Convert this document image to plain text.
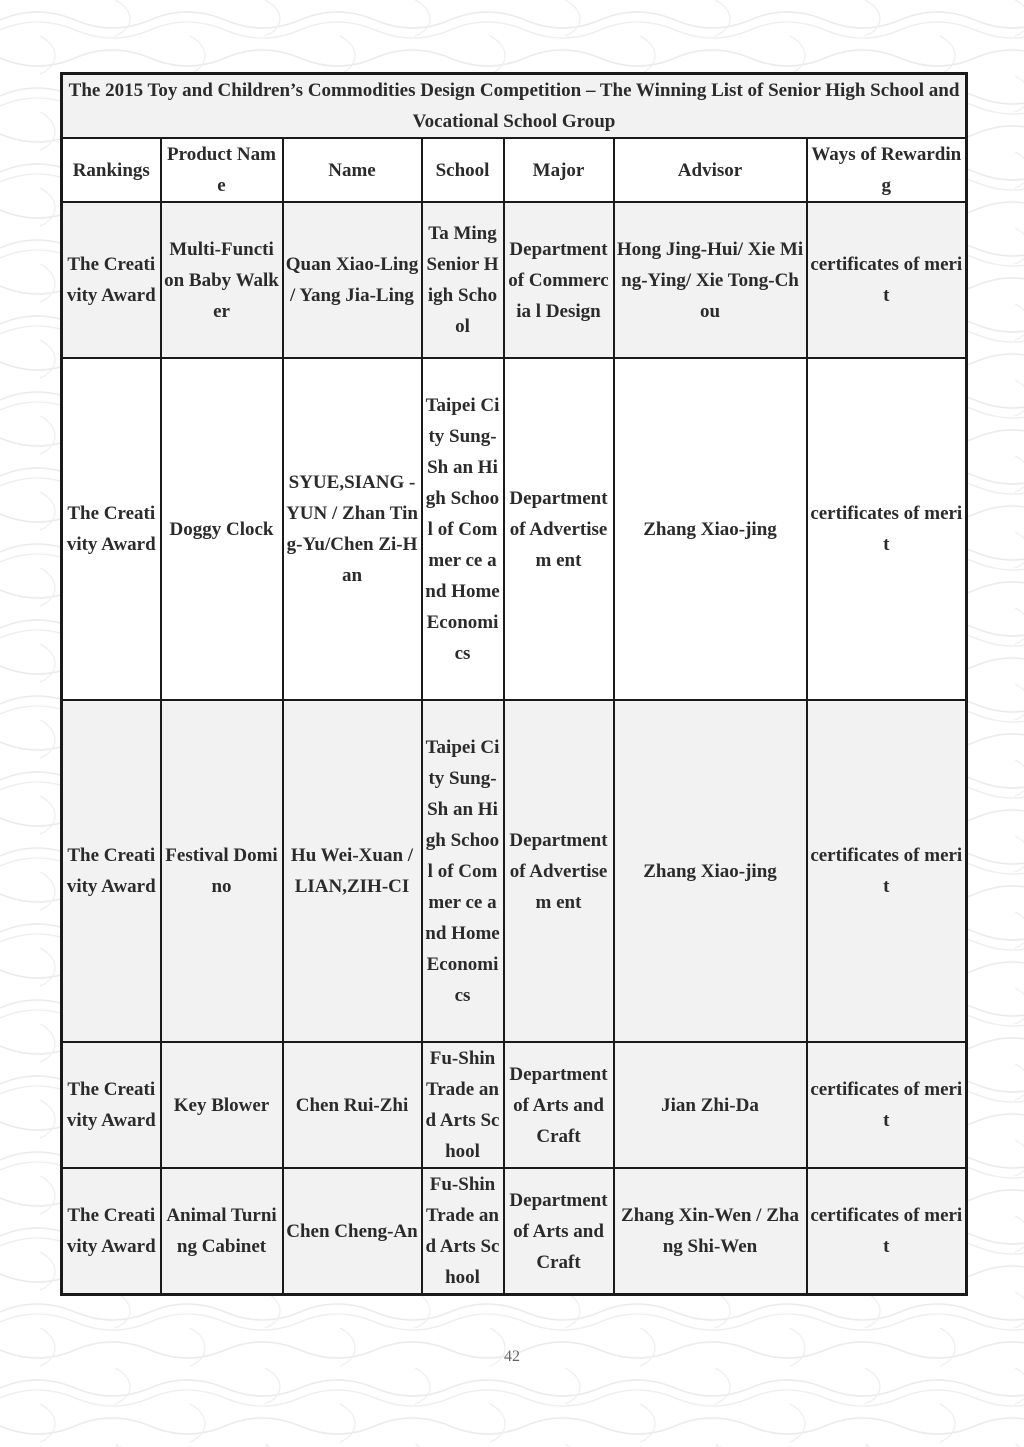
The 2015 Toy and Children’s Commodities Design Competition – The Winning List of Senior High School and Vocational School Group						
Rankings	Product Name	Name	School	Major	Advisor	Ways of Rewarding
The Creativity Award	Multi-Functi on Baby Walker	Quan Xiao-Ling / Yang Jia-Ling	Ta Ming Senior High School	Department of Commercia l Design	Hong Jing-Hui/ Xie Ming-Ying/ Xie Tong-Chou	certificates of merit
The Creativity Award	Doggy Clock	SYUE,SIANG -YUN / Zhan Ting-Yu/Chen Zi-Han	Taipei City Sung-Sh an High School of Commer ce and Home Economi cs	Department of Advertisem ent	Zhang Xiao-jing	certificates of merit
The Creativity Award	Festival Domino	Hu Wei-Xuan / LIAN,ZIH-CI	Taipei City Sung-Sh an High School of Commer ce and Home Economi cs	Department of Advertisem ent	Zhang Xiao-jing	certificates of merit
The Creativity Award	Key Blower	Chen Rui-Zhi	Fu-Shin Trade and Arts School	Department of Arts and Craft	Jian Zhi-Da	certificates of merit
The Creativity Award	Animal Turning Cabinet	Chen Cheng-An	Fu-Shin Trade and Arts School	Department of Arts and Craft	Zhang Xin-Wen / Zhang Shi-Wen	certificates of merit
42
